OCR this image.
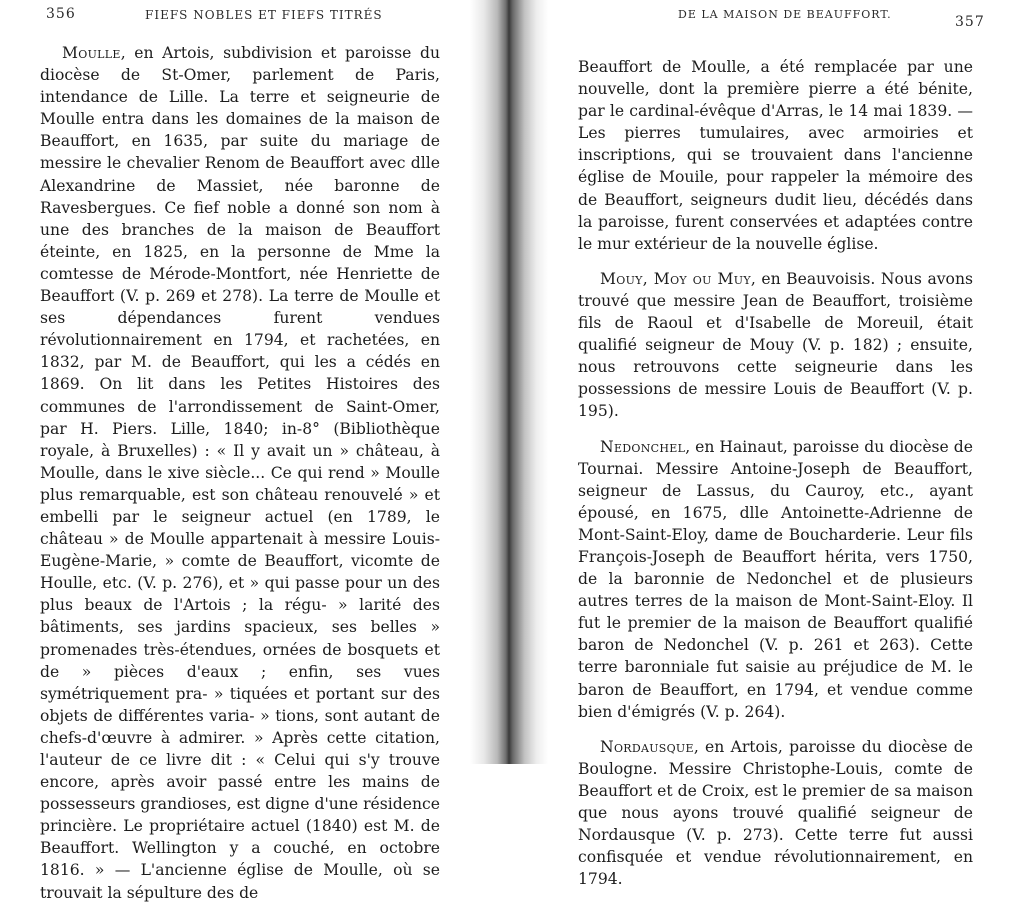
356	FIEFS NOBLES ET FIEFS TITRÉS

Moulle, en Artois, subdivision et paroisse du diocèse de St-Omer, parlement de Paris, intendance de Lille. La terre et seigneurie de Moulle entra dans les domaines de la maison de Beauffort, en 1635, par suite du mariage de messire le chevalier Renom de Beauffort avec dlle Alexandrine de Massiet, née baronne de Ravesbergues. Ce fief noble a donné son nom à une des branches de la maison de Beauffort éteinte, en 1825, en la personne de Mme la comtesse de Mérode-Montfort, née Henriette de Beauffort (V. p. 269 et 278). La terre de Moulle et ses dépendances furent vendues révolutionnairement en 1794, et rachetées, en 1832, par M. de Beauffort, qui les a cédés en 1869. On lit dans les Petites Histoires des communes de l'arrondissement de Saint-Omer, par H. Piers. Lille, 1840; in-8° (Bibliothèque royale, à Bruxelles) : « Il y avait un » château, à Moulle, dans le xive siècle... Ce qui rend » Moulle plus remarquable, est son château renouvelé » et embelli par le seigneur actuel (en 1789, le château » de Moulle appartenait à messire Louis-Eugène-Marie, » comte de Beauffort, vicomte de Houlle, etc. (V. p. 276), et » qui passe pour un des plus beaux de l'Artois ; la régu- » larité des bâtiments, ses jardins spacieux, ses belles » promenades très-étendues, ornées de bosquets et de » pièces d'eaux ; enfin, ses vues symétriquement pra- » tiquées et portant sur des objets de différentes varia- » tions, sont autant de chefs-d'œuvre à admirer. » Après cette citation, l'auteur de ce livre dit : « Celui qui s'y trouve encore, après avoir passé entre les mains de possesseurs grandioses, est digne d'une résidence princière. Le propriétaire actuel (1840) est M. de Beauffort. Wellington y a couché, en octobre 1816. » — L'ancienne église de Moulle, où se trouvait la sépulture des de

DE LA MAISON DE BEAUFFORT.	357

Beauffort de Moulle, a été remplacée par une nouvelle, dont la première pierre a été bénite, par le cardinal-évêque d'Arras, le 14 mai 1839. — Les pierres tumulaires, avec armoiries et inscriptions, qui se trouvaient dans l'ancienne église de Mouile, pour rappeler la mémoire des de Beauffort, seigneurs dudit lieu, décédés dans la paroisse, furent conservées et adaptées contre le mur extérieur de la nouvelle église.

Mouy, Moy ou Muy, en Beauvoisis. Nous avons trouvé que messire Jean de Beauffort, troisième fils de Raoul et d'Isabelle de Moreuil, était qualifié seigneur de Mouy (V. p. 182) ; ensuite, nous retrouvons cette seigneurie dans les possessions de messire Louis de Beauffort (V. p. 195).

Nedonchel, en Hainaut, paroisse du diocèse de Tournai. Messire Antoine-Joseph de Beauffort, seigneur de Lassus, du Cauroy, etc., ayant épousé, en 1675, dlle Antoinette-Adrienne de Mont-Saint-Eloy, dame de Boucharderie. Leur fils François-Joseph de Beauffort hérita, vers 1750, de la baronnie de Nedonchel et de plusieurs autres terres de la maison de Mont-Saint-Eloy. Il fut le premier de la maison de Beauffort qualifié baron de Nedonchel (V. p. 261 et 263). Cette terre baronniale fut saisie au préjudice de M. le baron de Beauffort, en 1794, et vendue comme bien d'émigrés (V. p. 264).

Nordausque, en Artois, paroisse du diocèse de Boulogne. Messire Christophe-Louis, comte de Beauffort et de Croix, est le premier de sa maison que nous ayons trouvé qualifié seigneur de Nordausque (V. p. 273). Cette terre fut aussi confisquée et vendue révolutionnairement, en 1794.
